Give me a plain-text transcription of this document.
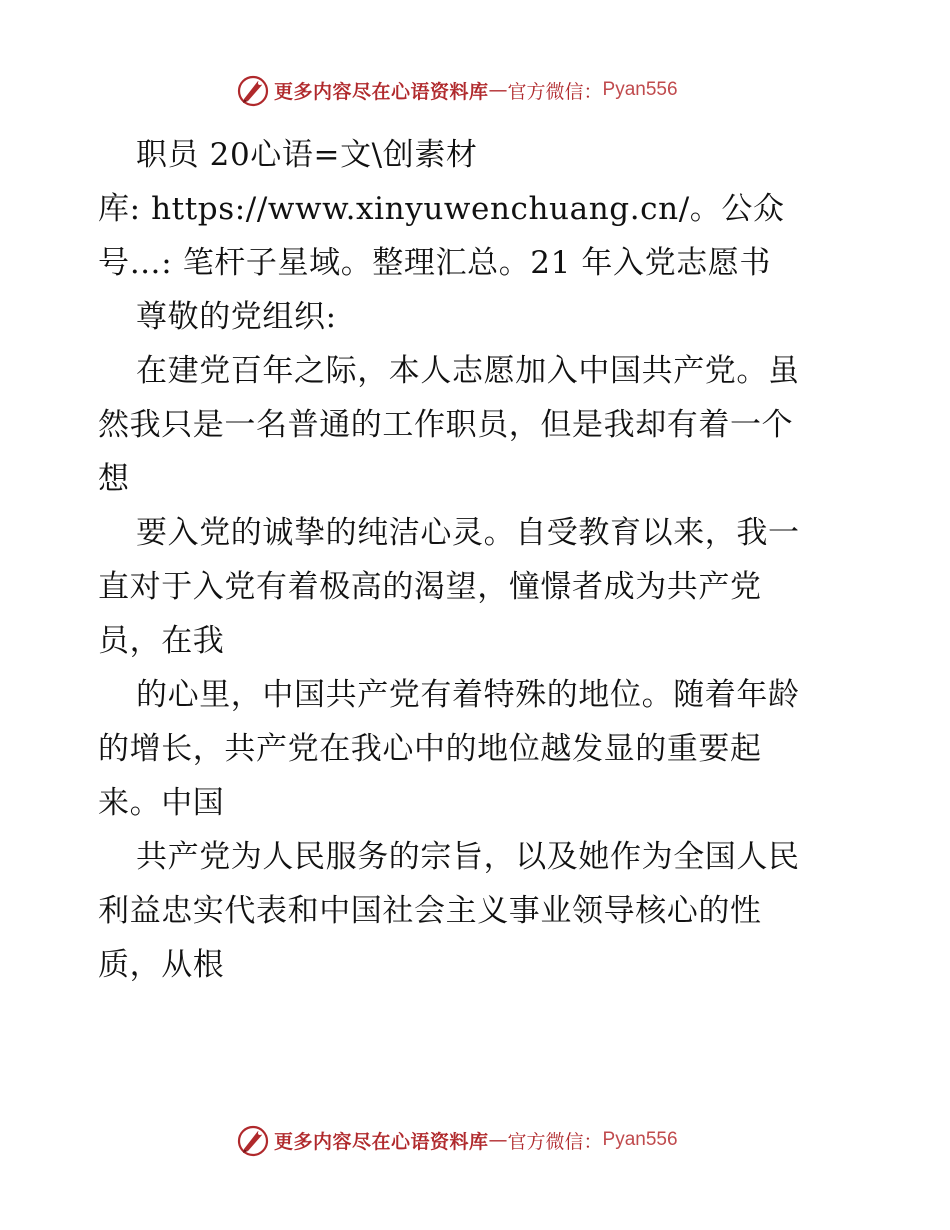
更多内容尽在心语资料库 — 官方微信： Pyan556
职员 20心语=文\创素材
库: https://www.xinyuwenchuang.cn/。公众
号…: 笔杆子星域。整理汇总。21 年入党志愿书
尊敬的党组织:
在建党百年之际，本人志愿加入中国共产党。虽
然我只是一名普通的工作职员，但是我却有着一个
想
要入党的诚挚的纯洁心灵。自受教育以来，我一
直对于入党有着极高的渴望，憧憬者成为共产党
员，在我
的心里，中国共产党有着特殊的地位。随着年龄
的增长，共产党在我心中的地位越发显的重要起
来。中国
共产党为人民服务的宗旨，以及她作为全国人民
利益忠实代表和中国社会主义事业领导核心的性
质，从根
更多内容尽在心语资料库 — 官方微信： Pyan556
